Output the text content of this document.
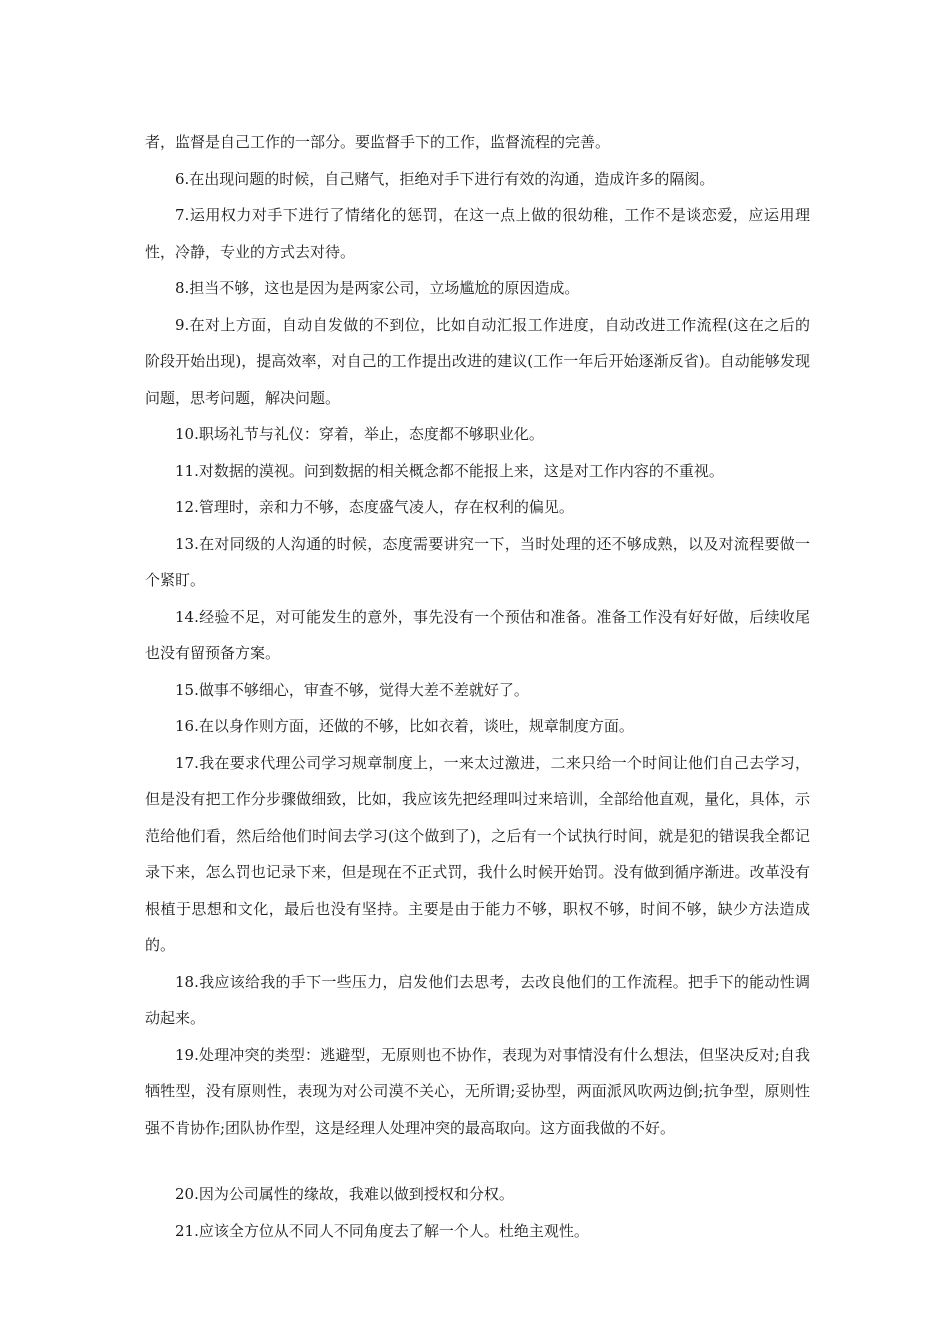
者，监督是自己工作的一部分。要监督手下的工作，监督流程的完善。

6.在出现问题的时候，自己赌气，拒绝对手下进行有效的沟通，造成许多的隔阂。

7.运用权力对手下进行了情绪化的惩罚，在这一点上做的很幼稚，工作不是谈恋爱，应运用理性，冷静，专业的方式去对待。

8.担当不够，这也是因为是两家公司，立场尴尬的原因造成。

9.在对上方面，自动自发做的不到位，比如自动汇报工作进度，自动改进工作流程(这在之后的阶段开始出现)，提高效率，对自己的工作提出改进的建议(工作一年后开始逐渐反省)。自动能够发现问题，思考问题，解决问题。

10.职场礼节与礼仪：穿着，举止，态度都不够职业化。

11.对数据的漠视。问到数据的相关概念都不能报上来，这是对工作内容的不重视。

12.管理时，亲和力不够，态度盛气凌人，存在权利的偏见。

13.在对同级的人沟通的时候，态度需要讲究一下，当时处理的还不够成熟，以及对流程要做一个紧盯。

14.经验不足，对可能发生的意外，事先没有一个预估和准备。准备工作没有好好做，后续收尾也没有留预备方案。

15.做事不够细心，审查不够，觉得大差不差就好了。

16.在以身作则方面，还做的不够，比如衣着，谈吐，规章制度方面。

17.我在要求代理公司学习规章制度上，一来太过激进，二来只给一个时间让他们自己去学习，但是没有把工作分步骤做细致，比如，我应该先把经理叫过来培训，全部给他直观，量化，具体，示范给他们看，然后给他们时间去学习(这个做到了)，之后有一个试执行时间，就是犯的错误我全都记录下来，怎么罚也记录下来，但是现在不正式罚，我什么时候开始罚。没有做到循序渐进。改革没有根植于思想和文化，最后也没有坚持。主要是由于能力不够，职权不够，时间不够，缺少方法造成的。

18.我应该给我的手下一些压力，启发他们去思考，去改良他们的工作流程。把手下的能动性调动起来。

19.处理冲突的类型：逃避型，无原则也不协作，表现为对事情没有什么想法，但坚决反对;自我牺牲型，没有原则性，表现为对公司漠不关心，无所谓;妥协型，两面派风吹两边倒;抗争型，原则性强不肯协作;团队协作型，这是经理人处理冲突的最高取向。这方面我做的不好。

20.因为公司属性的缘故，我难以做到授权和分权。

21.应该全方位从不同人不同角度去了解一个人。杜绝主观性。
